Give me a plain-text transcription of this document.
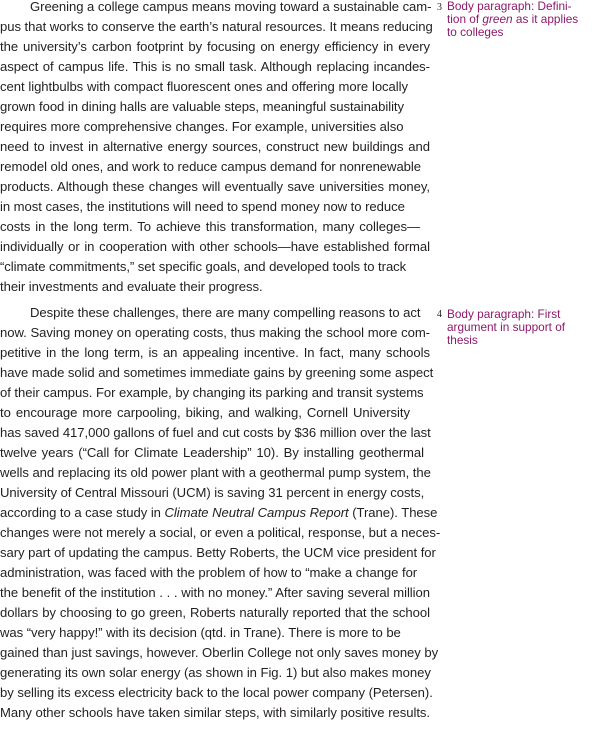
3
Greening a college campus means moving toward a sustainable cam-
pus that works to conserve the earth’s natural resources. It means reducing
the university’s carbon footprint by focusing on energy efficiency in every
aspect of campus life. This is no small task. Although replacing incandes-
cent lightbulbs with compact fluorescent ones and offering more locally
grown food in dining halls are valuable steps, meaningful sustainability
requires more comprehensive changes. For example, universities also
need to invest in alternative energy sources, construct new buildings and
remodel old ones, and work to reduce campus demand for nonrenewable
products. Although these changes will eventually save universities money,
in most cases, the institutions will need to spend money now to reduce
costs in the long term. To achieve this transformation, many colleges—
individually or in cooperation with other schools—have established formal
“climate commitments,” set specific goals, and developed tools to track
their investments and evaluate their progress.
4
Despite these challenges, there are many compelling reasons to act
now. Saving money on operating costs, thus making the school more com-
petitive in the long term, is an appealing incentive. In fact, many schools
have made solid and sometimes immediate gains by greening some aspect
of their campus. For example, by changing its parking and transit systems
to encourage more carpooling, biking, and walking, Cornell University
has saved 417,000 gallons of fuel and cut costs by $36 million over the last
twelve years (“Call for Climate Leadership” 10). By installing geothermal
wells and replacing its old power plant with a geothermal pump system, the
University of Central Missouri (UCM) is saving 31 percent in energy costs,
according to a case study in Climate Neutral Campus Report (Trane). These
changes were not merely a social, or even a political, response, but a neces-
sary part of updating the campus. Betty Roberts, the UCM vice president for
administration, was faced with the problem of how to “make a change for
the benefit of the institution . . . with no money.” After saving several million
dollars by choosing to go green, Roberts naturally reported that the school
was “very happy!” with its decision (qtd. in Trane). There is more to be
gained than just savings, however. Oberlin College not only saves money by
generating its own solar energy (as shown in Fig. 1) but also makes money
by selling its excess electricity back to the local power company (Petersen).
Many other schools have taken similar steps, with similarly positive results.
Body paragraph: Defini-
tion of green as it applies
to colleges
Body paragraph: First
argument in support of
thesis
